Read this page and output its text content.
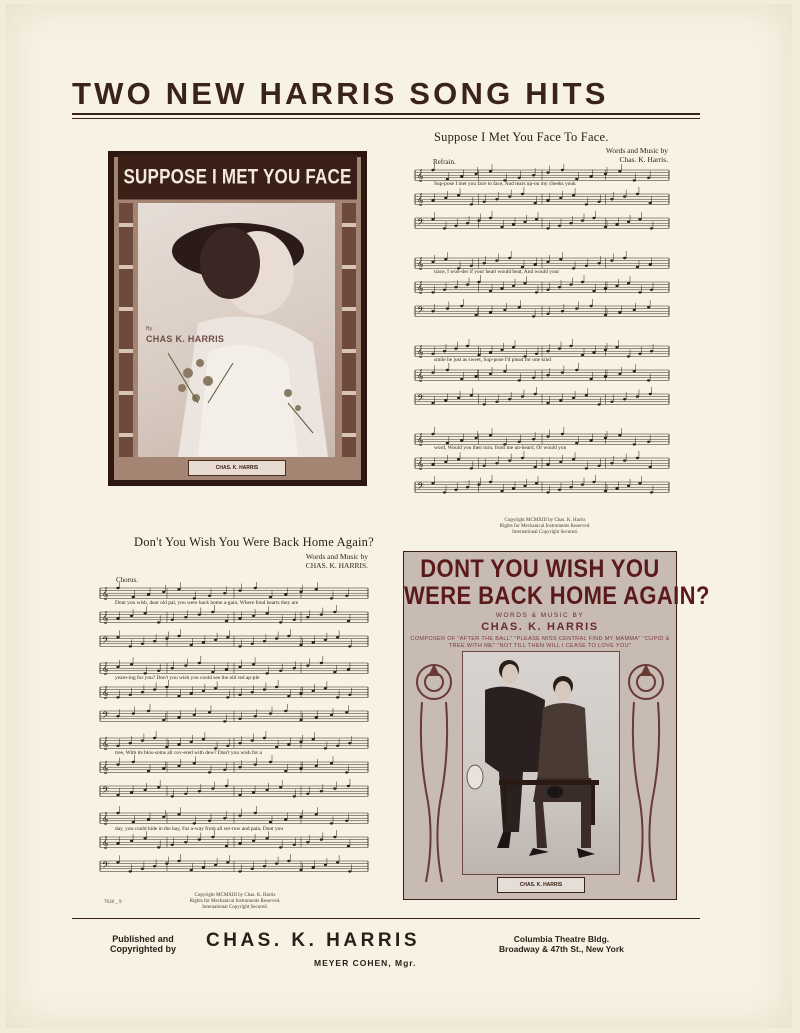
TWO NEW HARRIS SONG HITS
Suppose I Met You Face To Face.
Words and Music by
Chas. K. Harris.
Refrain.
𝄞
𝄞
𝄢
𝄞
𝄞
𝄢
𝄞
𝄞
𝄢
𝄞
𝄞
𝄢
Sup-pose I met you face to face, And tears up-on my cheeks youk
trace, I won-der if your heart would beat, And would your
smile be just as sweet, Sup-pose I'd plead for one kind
word, Would you then turn, from me un-heard, Or would you
Copyright MCMXIII by Chas. K. Harris
Rights for Mechanical Instruments Reserved.
International Copyright Secured.
SUPPOSE I MET YOU FACE
By
CHAS K. HARRIS
CHAS. K. HARRIS
Don't You Wish You Were Back Home Again?
Words and Music by
CHAS. K. HARRIS.
Chorus.
𝄞
𝄞
𝄢
𝄞
𝄞
𝄢
𝄞
𝄞
𝄢
𝄞
𝄞
𝄢
Dont you wish, dear old pal, you were back home a-gain, Where fond hearts they are
yearn-ing for you? Don't you wish you could see the old red ap-ple
tree, With its blos-soms all cov-ered with dew? Don't you wish for a
day, you could hide in the hay, Far a-way from all sor-row and pain, Dont you
Copyright MCMXIII by Chas. K. Harris
Rights for Mechanical Instruments Reserved.
International Copyright Secured.
7618 _ 9
DONT YOU WISH YOU
WERE BACK HOME AGAIN?
WORDS & MUSIC BY
CHAS. K. HARRIS
COMPOSER OF "AFTER THE BALL" "PLEASE MISS CENTRAL FIND MY MAMMA" "CUPID & TREE WITH ME" "NOT TILL THEN WILL I CEASE TO LOVE YOU"
CHAS. K. HARRIS
Published and
Copyrighted by CHAS. K. HARRIS
MEYER COHEN, Mgr.
Columbia Theatre Bldg.
Broadway & 47th St., New York
